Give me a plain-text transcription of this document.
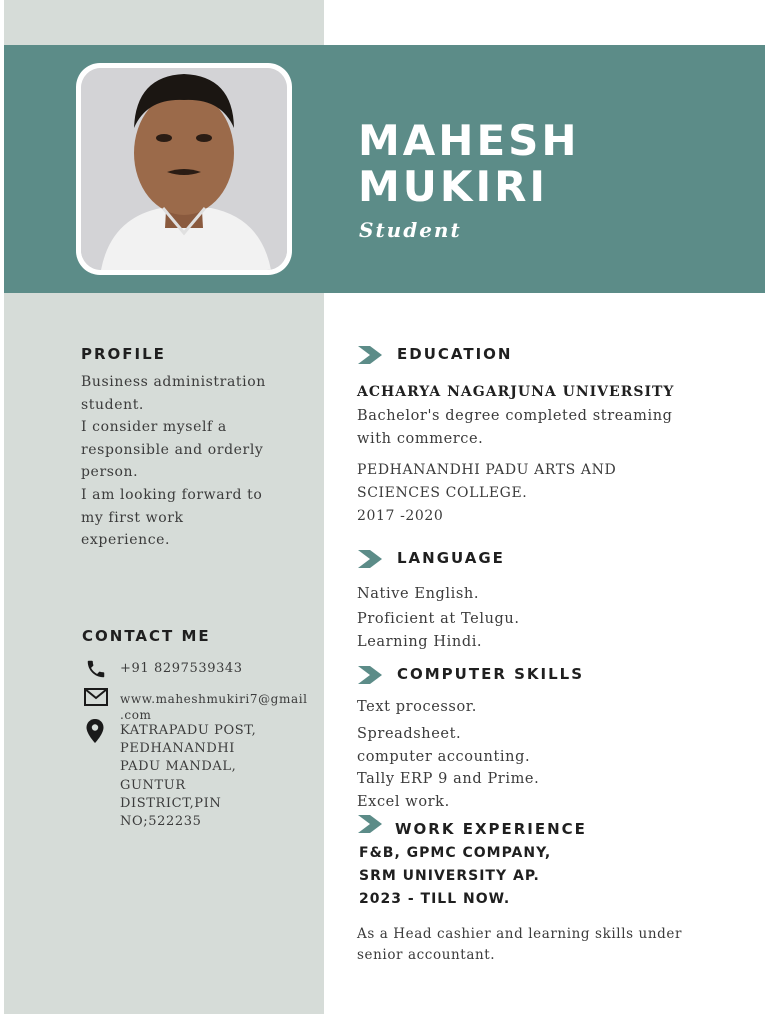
MAHESH
MUKIRI
Student
PROFILE
Business administration
student.
I consider myself a
responsible and orderly
person.
I am looking forward to
my first work
experience.
CONTACT ME
+91 8297539343
www.maheshmukiri7@gmail
.com
KATRAPADU POST,
PEDHANANDHI
PADU MANDAL,
GUNTUR
DISTRICT,PIN
NO;522235
EDUCATION
ACHARYA NAGARJUNA UNIVERSITY
Bachelor's degree completed streaming
with commerce.
PEDHANANDHI PADU ARTS AND
SCIENCES COLLEGE.
2017 -2020
LANGUAGE
Native English.
Proficient at Telugu.
Learning Hindi.
COMPUTER SKILLS
Text processor.
Spreadsheet.
computer accounting.
Tally ERP 9 and Prime.
Excel work.
WORK EXPERIENCE
F&B, GPMC COMPANY,
SRM UNIVERSITY AP.
2023 - TILL NOW.
As a Head cashier and learning skills under
senior accountant.
